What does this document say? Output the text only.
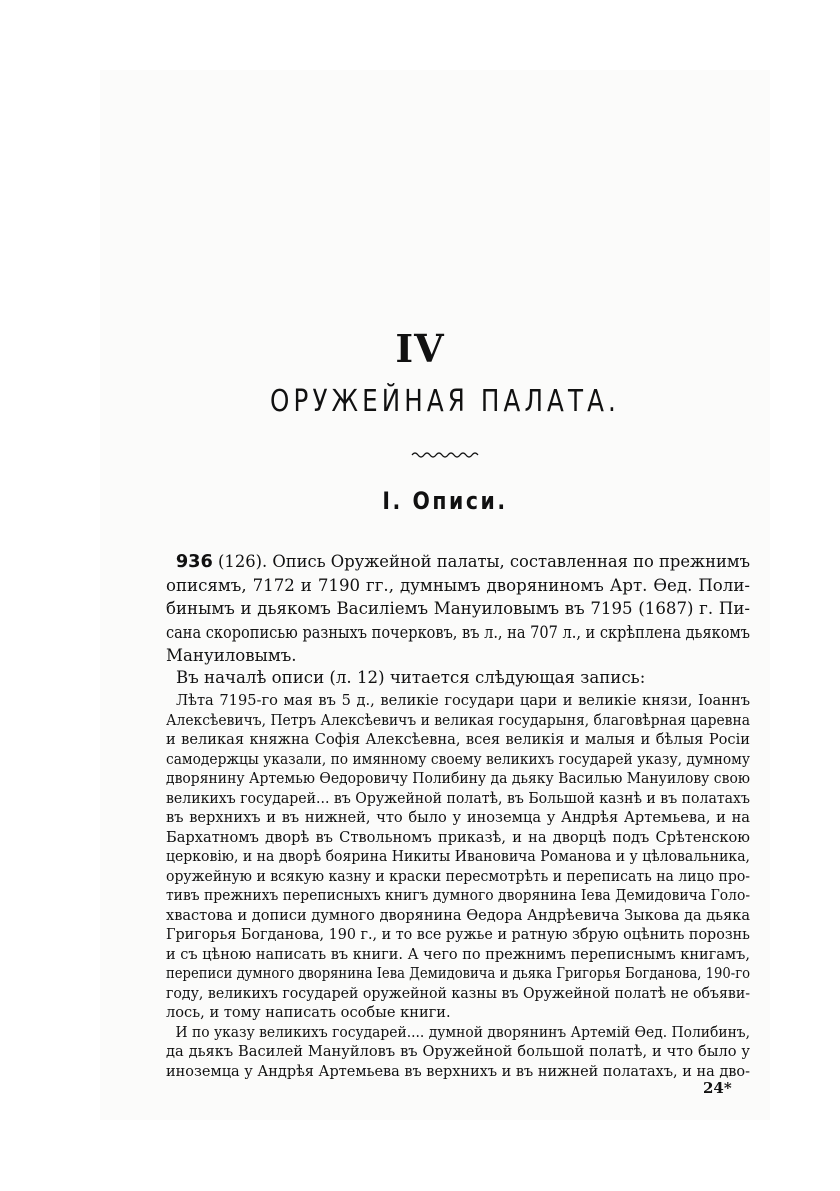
IV
ОРУЖЕЙНАЯ ПАЛАТА.
I. Описи.
936 (126). Опись Оружейной палаты, составленная по прежнимъ
описямъ, 7172 и 7190 гг., думнымъ дворяниномъ Арт. Ѳед. Поли-
бинымъ и дьякомъ Василіемъ Мануиловымъ въ 7195 (1687) г. Пи-
сана скорописью разныхъ почерковъ, въ л., на 707 л., и скрѣплена дьякомъ
Мануиловымъ.
Въ началѣ описи (л. 12) читается слѣдующая запись:
Лѣта 7195-го мая въ 5 д., великіе государи цари и великіе князи, Іоаннъ
Алексѣевичъ, Петръ Алексѣевичъ и великая государыня, благовѣрная царевна
и великая княжна Софія Алексѣевна, всея великія и малыя и бѣлыя Росіи
самодержцы указали, по имянному своему великихъ государей указу, думному
дворянину Артемью Ѳедоровичу Полибину да дьяку Василью Мануилову свою
великихъ государей... въ Оружейной полатѣ, въ Большой казнѣ и въ полатахъ
въ верхнихъ и въ нижней, что было у иноземца у Андрѣя Артемьева, и на
Бархатномъ дворѣ въ Ствольномъ приказѣ, и на дворцѣ подъ Срѣтенскою
церковію, и на дворѣ боярина Никиты Ивановича Романова и у цѣловальника,
оружейную и всякую казну и краски пересмотрѣть и переписать на лицо про-
тивъ прежнихъ переписныхъ книгъ думного дворянина Іева Демидовича Голо-
хвастова и дописи думного дворянина Ѳедора Андрѣевича Зыкова да дьяка
Григорья Богданова, 190 г., и то все ружье и ратную збрую оцѣнить порознь
и съ цѣною написать въ книги. А чего по прежнимъ переписнымъ книгамъ,
переписи думного дворянина Іева Демидовича и дьяка Григорья Богданова, 190-го
году, великихъ государей оружейной казны въ Оружейной полатѣ не объяви-
лось, и тому написать особые книги.
И по указу великихъ государей.... думной дворянинъ Артемій Ѳед. Полибинъ,
да дьякъ Василей Мануйловъ въ Оружейной большой полатѣ, и что было у
иноземца у Андрѣя Артемьева въ верхнихъ и въ нижней полатахъ, и на дво-
24*
